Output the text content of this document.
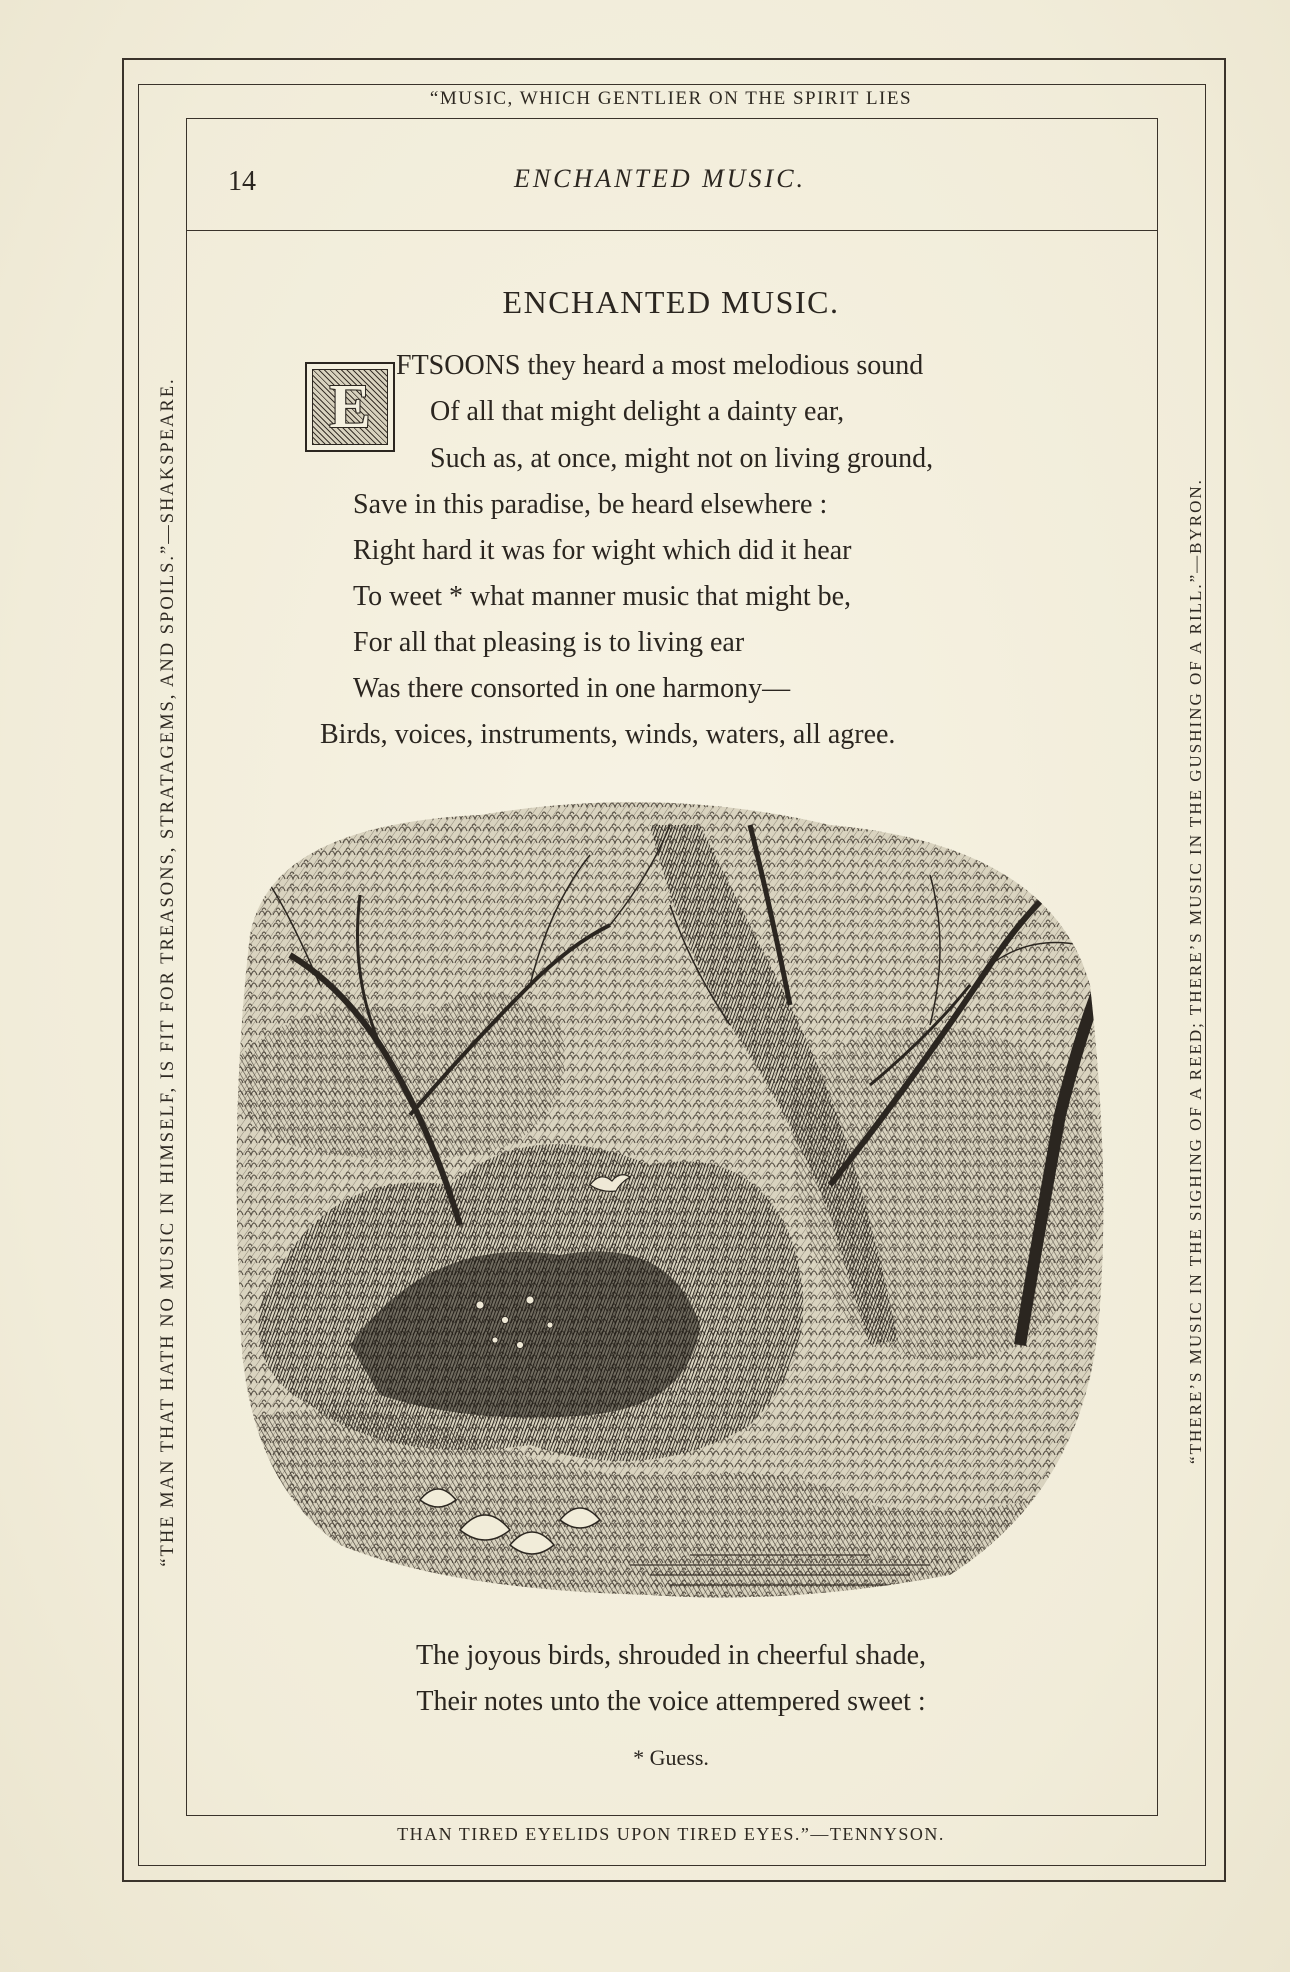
“MUSIC, WHICH GENTLIER ON THE SPIRIT LIES
THAN TIRED EYELIDS UPON TIRED EYES.”—TENNYSON.
“THE MAN THAT HATH NO MUSIC IN HIMSELF, IS FIT FOR TREASONS, STRATAGEMS, AND SPOILS.”—SHAKSPEARE.	“THERE’S MUSIC IN THE SIGHING OF A REED; THERE’S MUSIC IN THE GUSHING OF A RILL.”—BYRON.
14	ENCHANTED MUSIC.
ENCHANTED MUSIC.
E
FTSOONS they heard a most melodious sound
Of all that might delight a dainty ear,
Such as, at once, might not on living ground,
Save in this paradise, be heard elsewhere :
Right hard it was for wight which did it hear
To weet * what manner music that might be,
For all that pleasing is to living ear
Was there consorted in one harmony—
Birds, voices, instruments, winds, waters, all agree.
The joyous birds, shrouded in cheerful shade,
Their notes unto the voice attempered sweet :
* Guess.
